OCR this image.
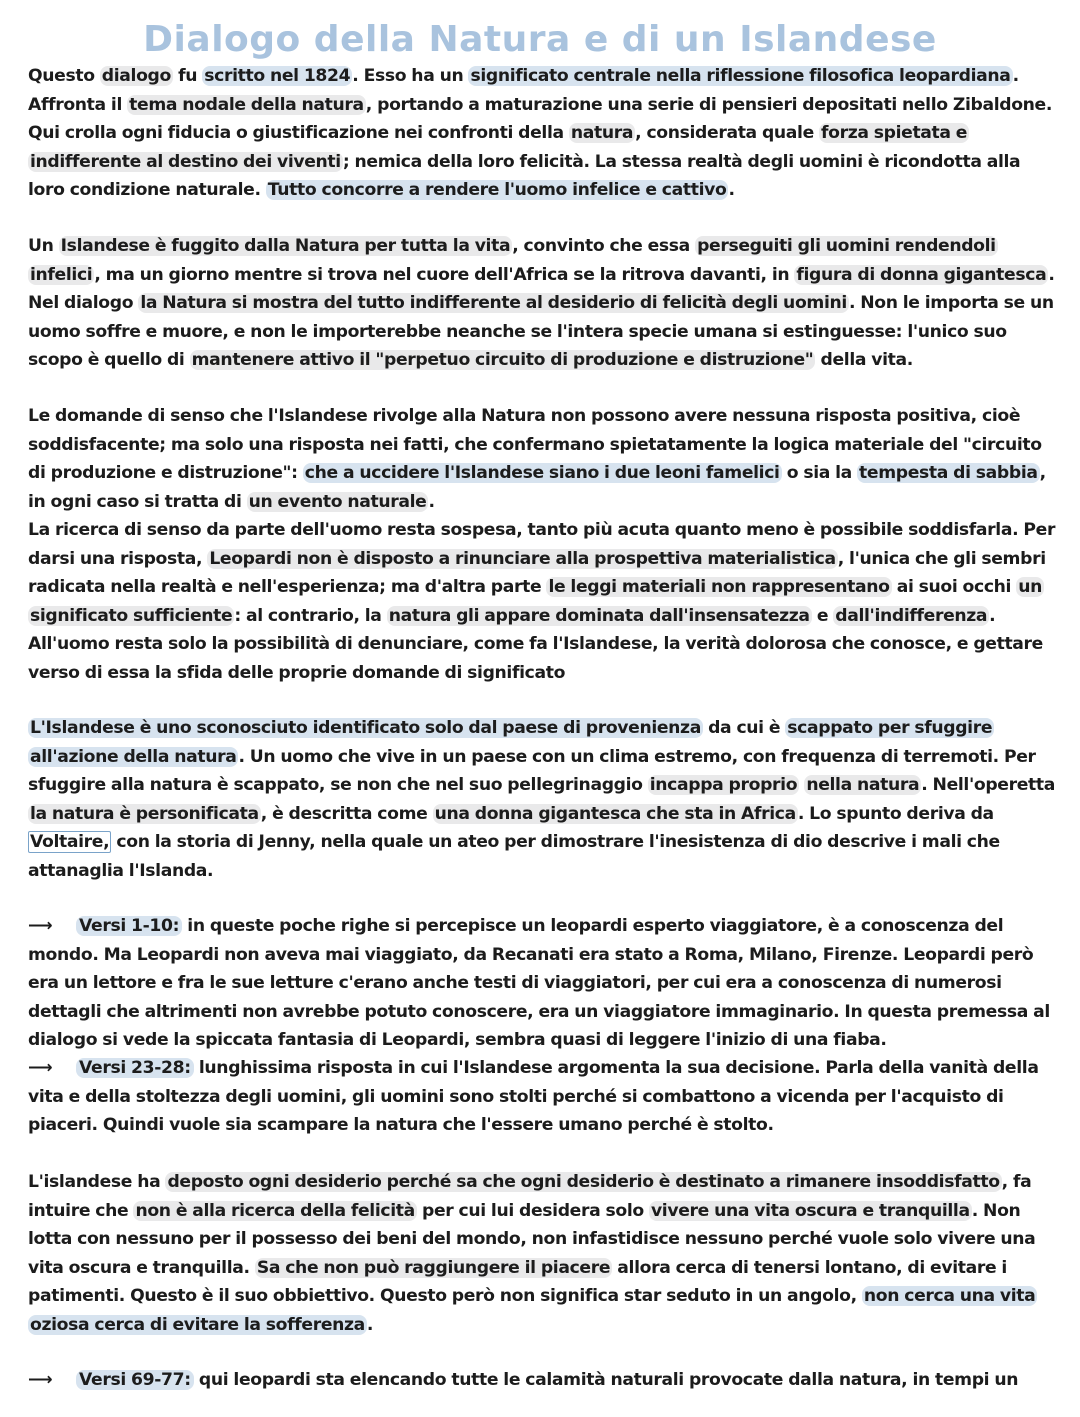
Dialogo della Natura e di un Islandese
Questo dialogo fu scritto nel 1824 . Esso ha un significato centrale nella riflessione filosofica leopardiana . Affronta il tema nodale della natura , portando a maturazione una serie di pensieri depositati nello Zibaldone. Qui crolla ogni fiducia o giustificazione nei confronti della natura , considerata quale forza spietata e indifferente al destino dei viventi ; nemica della loro felicità. La stessa realtà degli uomini è ricondotta alla loro condizione naturale. Tutto concorre a rendere l'uomo infelice e cattivo .
Un Islandese è fuggito dalla Natura per tutta la vita , convinto che essa perseguiti gli uomini rendendoli infelici , ma un giorno mentre si trova nel cuore dell'Africa se la ritrova davanti, in figura di donna gigantesca . Nel dialogo la Natura si mostra del tutto indifferente al desiderio di felicità degli uomini . Non le importa se un uomo soffre e muore, e non le importerebbe neanche se l'intera specie umana si estinguesse: l'unico suo scopo è quello di mantenere attivo il "perpetuo circuito di produzione e distruzione" della vita.
Le domande di senso che l'Islandese rivolge alla Natura non possono avere nessuna risposta positiva, cioè soddisfacente; ma solo una risposta nei fatti, che confermano spietatamente la logica materiale del "circuito di produzione e distruzione": che a uccidere l'Islandese siano i due leoni famelici o sia la tempesta di sabbia , in ogni caso si tratta di un evento naturale .
La ricerca di senso da parte dell'uomo resta sospesa, tanto più acuta quanto meno è possibile soddisfarla. Per darsi una risposta, Leopardi non è disposto a rinunciare alla prospettiva materialistica , l'unica che gli sembri radicata nella realtà e nell'esperienza; ma d'altra parte le leggi materiali non rappresentano ai suoi occhi un significato sufficiente : al contrario, la natura gli appare dominata dall'insensatezza e dall'indifferenza . All'uomo resta solo la possibilità di denunciare, come fa l'Islandese, la verità dolorosa che conosce, e gettare verso di essa la sfida delle proprie domande di significato
L'Islandese è uno sconosciuto identificato solo dal paese di provenienza da cui è scappato per sfuggire all'azione della natura . Un uomo che vive in un paese con un clima estremo, con frequenza di terremoti. Per sfuggire alla natura è scappato, se non che nel suo pellegrinaggio incappa proprio nella natura . Nell'operetta la natura è personificata , è descritta come una donna gigantesca che sta in Africa . Lo spunto deriva da Voltaire, con la storia di Jenny, nella quale un ateo per dimostrare l'inesistenza di dio descrive i mali che attanaglia l'Islanda.
⟶ Versi 1-10: in queste poche righe si percepisce un leopardi esperto viaggiatore, è a conoscenza del mondo. Ma Leopardi non aveva mai viaggiato, da Recanati era stato a Roma, Milano, Firenze. Leopardi però era un lettore e fra le sue letture c'erano anche testi di viaggiatori, per cui era a conoscenza di numerosi dettagli che altrimenti non avrebbe potuto conoscere, era un viaggiatore immaginario. In questa premessa al dialogo si vede la spiccata fantasia di Leopardi, sembra quasi di leggere l'inizio di una fiaba.
⟶ Versi 23-28: lunghissima risposta in cui l'Islandese argomenta la sua decisione. Parla della vanità della vita e della stoltezza degli uomini, gli uomini sono stolti perché si combattono a vicenda per l'acquisto di piaceri. Quindi vuole sia scampare la natura che l'essere umano perché è stolto.
L'islandese ha deposto ogni desiderio perché sa che ogni desiderio è destinato a rimanere insoddisfatto , fa intuire che non è alla ricerca della felicità per cui lui desidera solo vivere una vita oscura e tranquilla . Non lotta con nessuno per il possesso dei beni del mondo, non infastidisce nessuno perché vuole solo vivere una vita oscura e tranquilla. Sa che non può raggiungere il piacere allora cerca di tenersi lontano, di evitare i patimenti. Questo è il suo obbiettivo. Questo però non significa star seduto in un angolo, non cerca una vita oziosa cerca di evitare la sofferenza .
⟶ Versi 69-77: qui leopardi sta elencando tutte le calamità naturali provocate dalla natura, in tempi un
